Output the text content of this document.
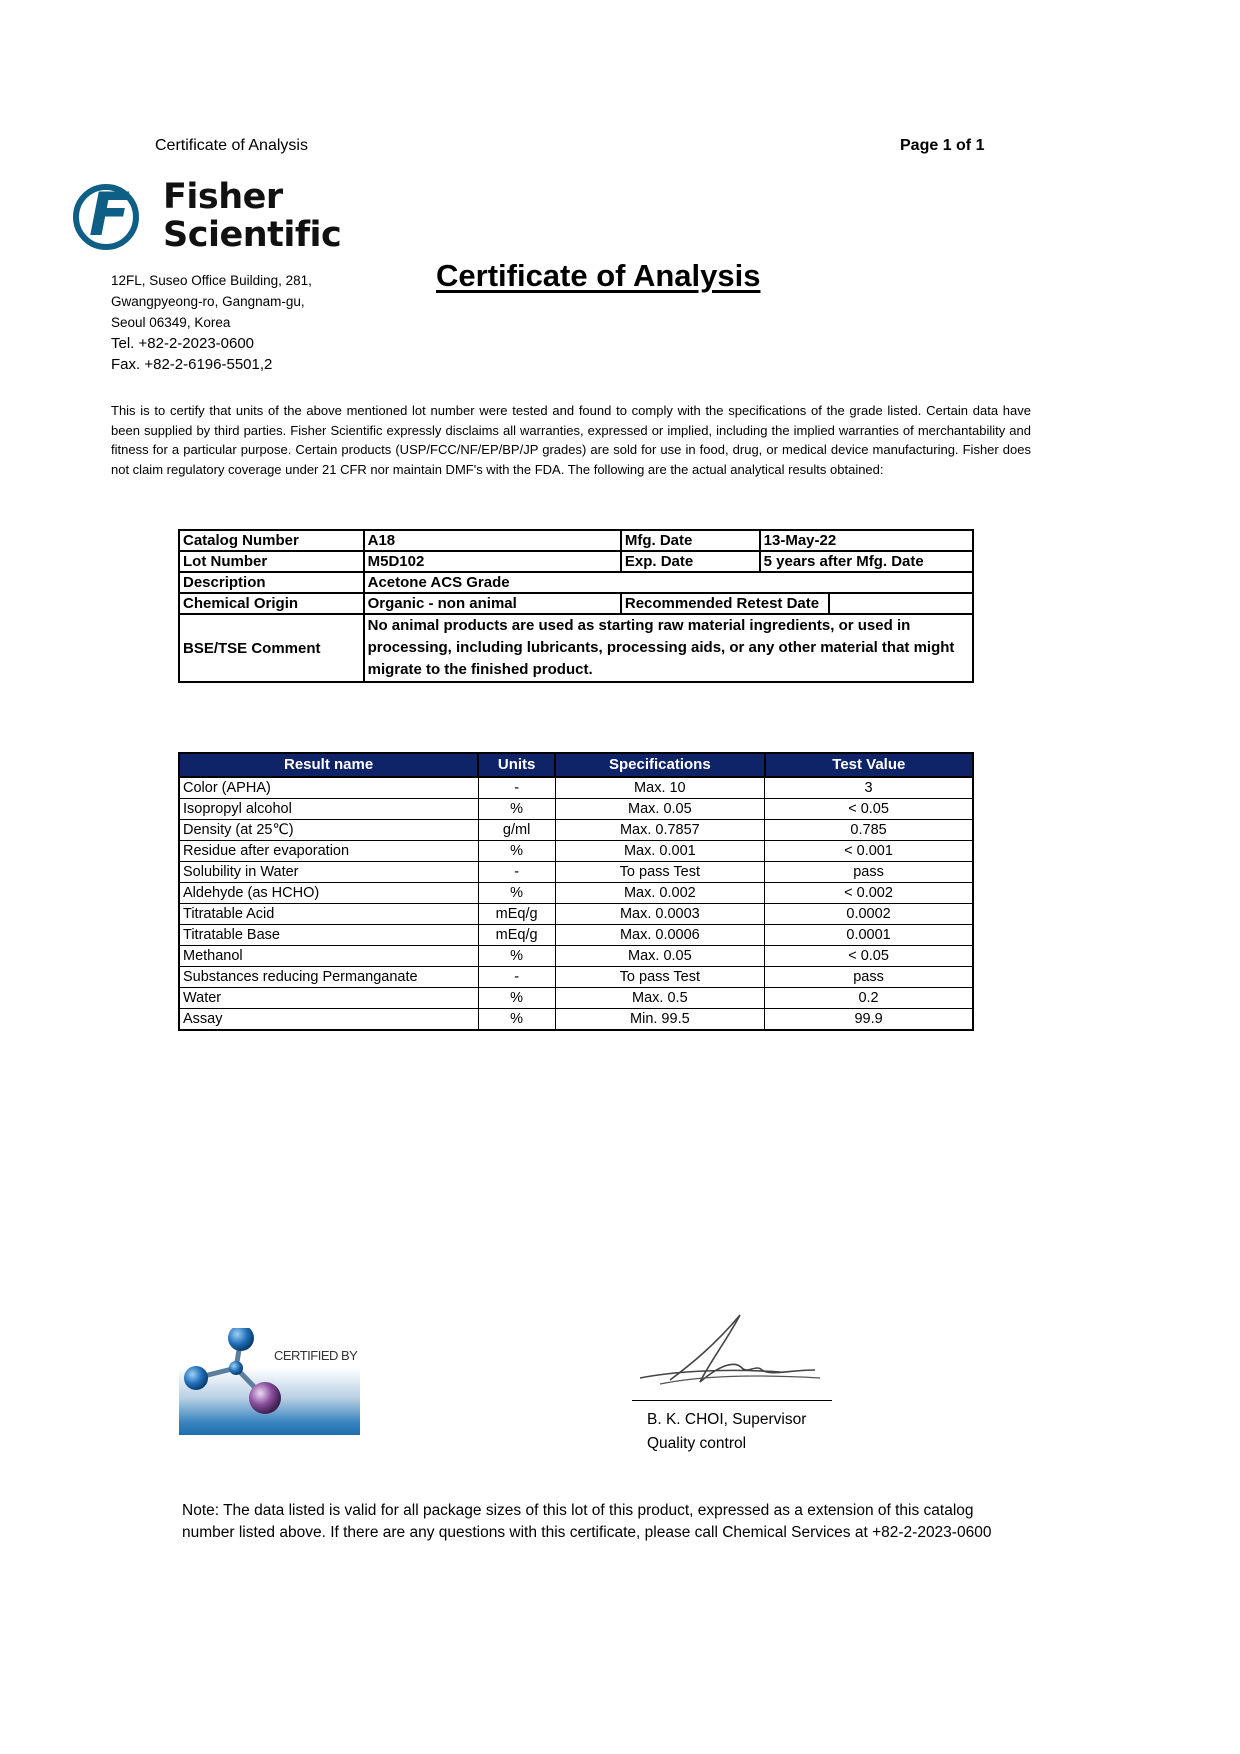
Certificate of Analysis	Page 1 of 1
F Fisher
Scientific
12FL, Suseo Office Building, 281,
Gwangpyeong-ro, Gangnam-gu,
Seoul 06349, Korea
Tel. +82-2-2023-0600
Fax. +82-2-6196-5501,2
Certificate of Analysis
This is to certify that units of the above mentioned lot number were tested and found to comply with the specifications of the grade listed. Certain data have been supplied by third parties. Fisher Scientific expressly disclaims all warranties, expressed or implied, including the implied warranties of merchantability and fitness for a particular purpose. Certain products (USP/FCC/NF/EP/BP/JP grades) are sold for use in food, drug, or medical device manufacturing. Fisher does not claim regulatory coverage under 21 CFR nor maintain DMF's with the FDA. The following are the actual analytical results obtained:
Catalog Number	A18	Mfg. Date	13-May-22	
Lot Number	M5D102	Exp. Date	5 years after Mfg. Date	
Description	Acetone ACS Grade			
Chemical Origin	Organic - non animal	Recommended Retest Date		
BSE/TSE Comment	No animal products are used as starting raw material ingredients, or used in processing, including lubricants, processing aids, or any other material that might migrate to the finished product.			
Result name	Units	Specifications	Test Value
Color (APHA)	-	Max. 10	3
Isopropyl alcohol	%	Max. 0.05	< 0.05
Density (at 25℃)	g/ml	Max. 0.7857	0.785
Residue after evaporation	%	Max. 0.001	< 0.001
Solubility in Water	-	To pass Test	pass
Aldehyde (as HCHO)	%	Max. 0.002	< 0.002
Titratable Acid	mEq/g	Max. 0.0003	0.0002
Titratable Base	mEq/g	Max. 0.0006	0.0001
Methanol	%	Max. 0.05	< 0.05
Substances reducing Permanganate	-	To pass Test	pass
Water	%	Max. 0.5	0.2
Assay	%	Min. 99.5	99.9
CERTIFIED BY
B. K. CHOI, Supervisor
Quality control
Note: The data listed is valid for all package sizes of this lot of this product, expressed as a extension of this catalog number listed above. If there are any questions with this certificate, please call Chemical Services at +82-2-2023-0600
